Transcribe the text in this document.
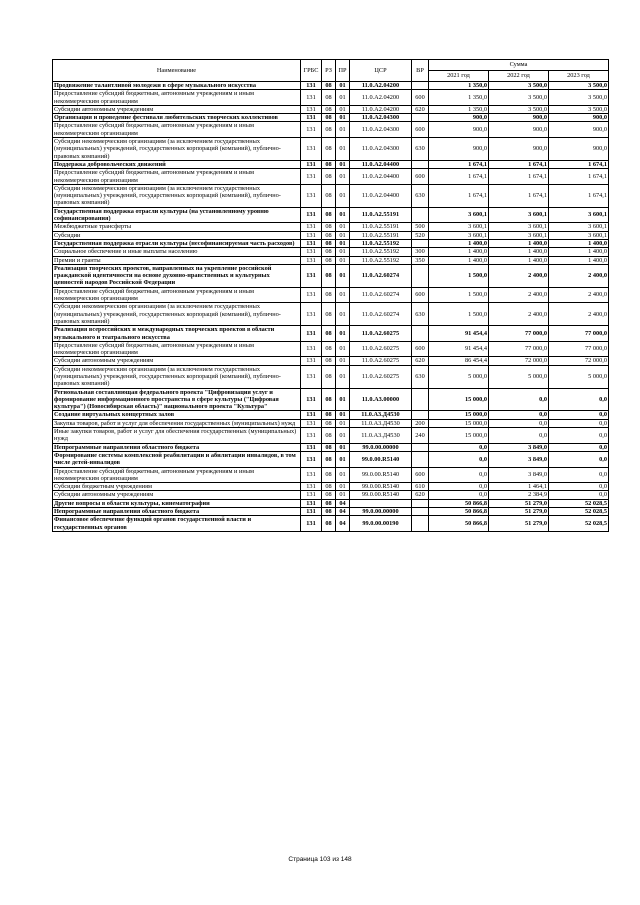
Наименование	ГРБС	РЗ	ПР	ЦСР	ВР	Сумма		
						2021 год	2022 год	2023 год
Продвижение талантливой молодежи в сфере музыкального искусства	131	08	01	11.0.А2.04200		1 350,0	3 500,0	3 500,0
Предоставление субсидий бюджетным, автономным учреждениям и иным некоммерческим организациям	131	08	01	11.0.А2.04200	600	1 350,0	3 500,0	3 500,0
Субсидии автономным учреждениям	131	08	01	11.0.А2.04200	620	1 350,0	3 500,0	3 500,0
Организация и проведение фестиваля любительских творческих коллективов	131	08	01	11.0.А2.04300		900,0	900,0	900,0
Предоставление субсидий бюджетным, автономным учреждениям и иным некоммерческим организациям	131	08	01	11.0.А2.04300	600	900,0	900,0	900,0
Субсидии некоммерческим организациям (за исключением государственных (муниципальных) учреждений, государственных корпораций (компаний), публично-правовых компаний)	131	08	01	11.0.А2.04300	630	900,0	900,0	900,0
Поддержка добровольческих движений	131	08	01	11.0.А2.04400		1 674,1	1 674,1	1 674,1
Предоставление субсидий бюджетным, автономным учреждениям и иным некоммерческим организациям	131	08	01	11.0.А2.04400	600	1 674,1	1 674,1	1 674,1
Субсидии некоммерческим организациям (за исключением государственных (муниципальных) учреждений, государственных корпораций (компаний), публично-правовых компаний)	131	08	01	11.0.А2.04400	630	1 674,1	1 674,1	1 674,1
Государственная поддержка отрасли культуры (на установленному уровню софинансирования)	131	08	01	11.0.А2.55191		3 600,1	3 600,1	3 600,1
Межбюджетные трансферты	131	08	01	11.0.А2.55191	500	3 600,1	3 600,1	3 600,1
Субсидии	131	08	01	11.0.А2.55191	520	3 600,1	3 600,1	3 600,1
Государственная поддержка отрасли культуры (несофинансируемая часть расходов)	131	08	01	11.0.А2.55192		1 400,0	1 400,0	1 400,0
Социальное обеспечение и иные выплаты населению	131	08	01	11.0.А2.55192	300	1 400,0	1 400,0	1 400,0
Премии и гранты	131	08	01	11.0.А2.55192	350	1 400,0	1 400,0	1 400,0
Реализация творческих проектов, направленных на укрепление российской гражданской идентичности на основе духовно-нравственных и культурных ценностей народов Российской Федерации	131	08	01	11.0.А2.60274		1 500,0	2 400,0	2 400,0
Предоставление субсидий бюджетным, автономным учреждениям и иным некоммерческим организациям	131	08	01	11.0.А2.60274	600	1 500,0	2 400,0	2 400,0
Субсидии некоммерческим организациям (за исключением государственных (муниципальных) учреждений, государственных корпораций (компаний), публично-правовых компаний)	131	08	01	11.0.А2.60274	630	1 500,0	2 400,0	2 400,0
Реализация всероссийских и международных творческих проектов в области музыкального и театрального искусства	131	08	01	11.0.А2.60275		91 454,4	77 000,0	77 000,0
Предоставление субсидий бюджетным, автономным учреждениям и иным некоммерческим организациям	131	08	01	11.0.А2.60275	600	91 454,4	77 000,0	77 000,0
Субсидии автономным учреждениям	131	08	01	11.0.А2.60275	620	86 454,4	72 000,0	72 000,0
Субсидии некоммерческим организациям (за исключением государственных (муниципальных) учреждений, государственных корпораций (компаний), публично-правовых компаний)	131	08	01	11.0.А2.60275	630	5 000,0	5 000,0	5 000,0
Региональная составляющая федерального проекта "Цифровизация услуг и формирование информационного пространства в сфере культуры ("Цифровая культура") (Новосибирская область)" национального проекта "Культура"	131	08	01	11.0.А3.00000		15 000,0	0,0	0,0
Создание виртуальных концертных залов	131	08	01	11.0.А3.Д4530		15 000,0	0,0	0,0
Закупка товаров, работ и услуг для обеспечения государственных (муниципальных) нужд	131	08	01	11.0.А3.Д4530	200	15 000,0	0,0	0,0
Иные закупки товаров, работ и услуг для обеспечения государственных (муниципальных) нужд	131	08	01	11.0.А3.Д4530	240	15 000,0	0,0	0,0
Непрограммные направления областного бюджета	131	08	01	99.0.00.00000		0,0	3 849,0	0,0
Формирование системы комплексной реабилитации и абилитации инвалидов, в том числе детей-инвалидов	131	08	01	99.0.00.R5140		0,0	3 849,0	0,0
Предоставление субсидий бюджетным, автономным учреждениям и иным некоммерческим организациям	131	08	01	99.0.00.R5140	600	0,0	3 849,0	0,0
Субсидии бюджетным учреждениям	131	08	01	99.0.00.R5140	610	0,0	1 464,1	0,0
Субсидии автономным учреждениям	131	08	01	99.0.00.R5140	620	0,0	2 384,9	0,0
Другие вопросы в области культуры, кинематографии	131	08	04			50 866,8	51 279,0	52 028,5
Непрограммные направления областного бюджета	131	08	04	99.0.00.00000		50 866,8	51 279,0	52 028,5
Финансовое обеспечение функций органов государственной власти и государственных органов	131	08	04	99.0.00.00190		50 866,8	51 279,0	52 028,5
Страница 103 из 148
